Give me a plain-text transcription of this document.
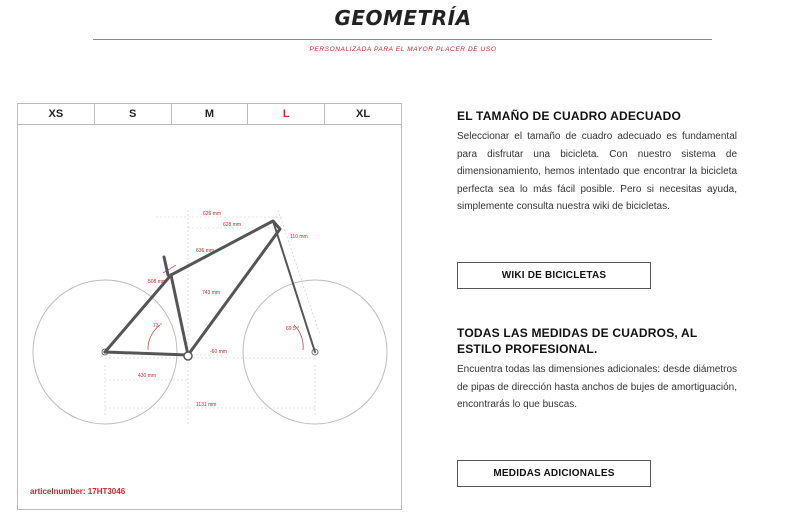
GEOMETRÍA
PERSONALIZADA PARA EL MAYOR PLACER DE USO
XS	S	M	L	XL
626 mm
628 mm
110 mm
636 mm
508 mm
743 mm
73 °	69.5 °
-60 mm
430 mm
1131 mm
articelnumber: 17HT3046
EL TAMAÑO DE CUADRO ADECUADO

Seleccionar el tamaño de cuadro adecuado es fundamental para disfrutar una bicicleta. Con nuestro sistema de dimensionamiento, hemos intentado que encontrar la bicicleta perfecta sea lo más fácil posible. Pero si necesitas ayuda, simplemente consulta nuestra wiki de bicicletas.

WIKI DE BICICLETAS
TODAS LAS MEDIDAS DE CUADROS, AL ESTILO PROFESIONAL.

Encuentra todas las dimensiones adicionales: desde diámetros de pipas de dirección hasta anchos de bujes de amortiguación, encontrarás lo que buscas.

MEDIDAS ADICIONALES
